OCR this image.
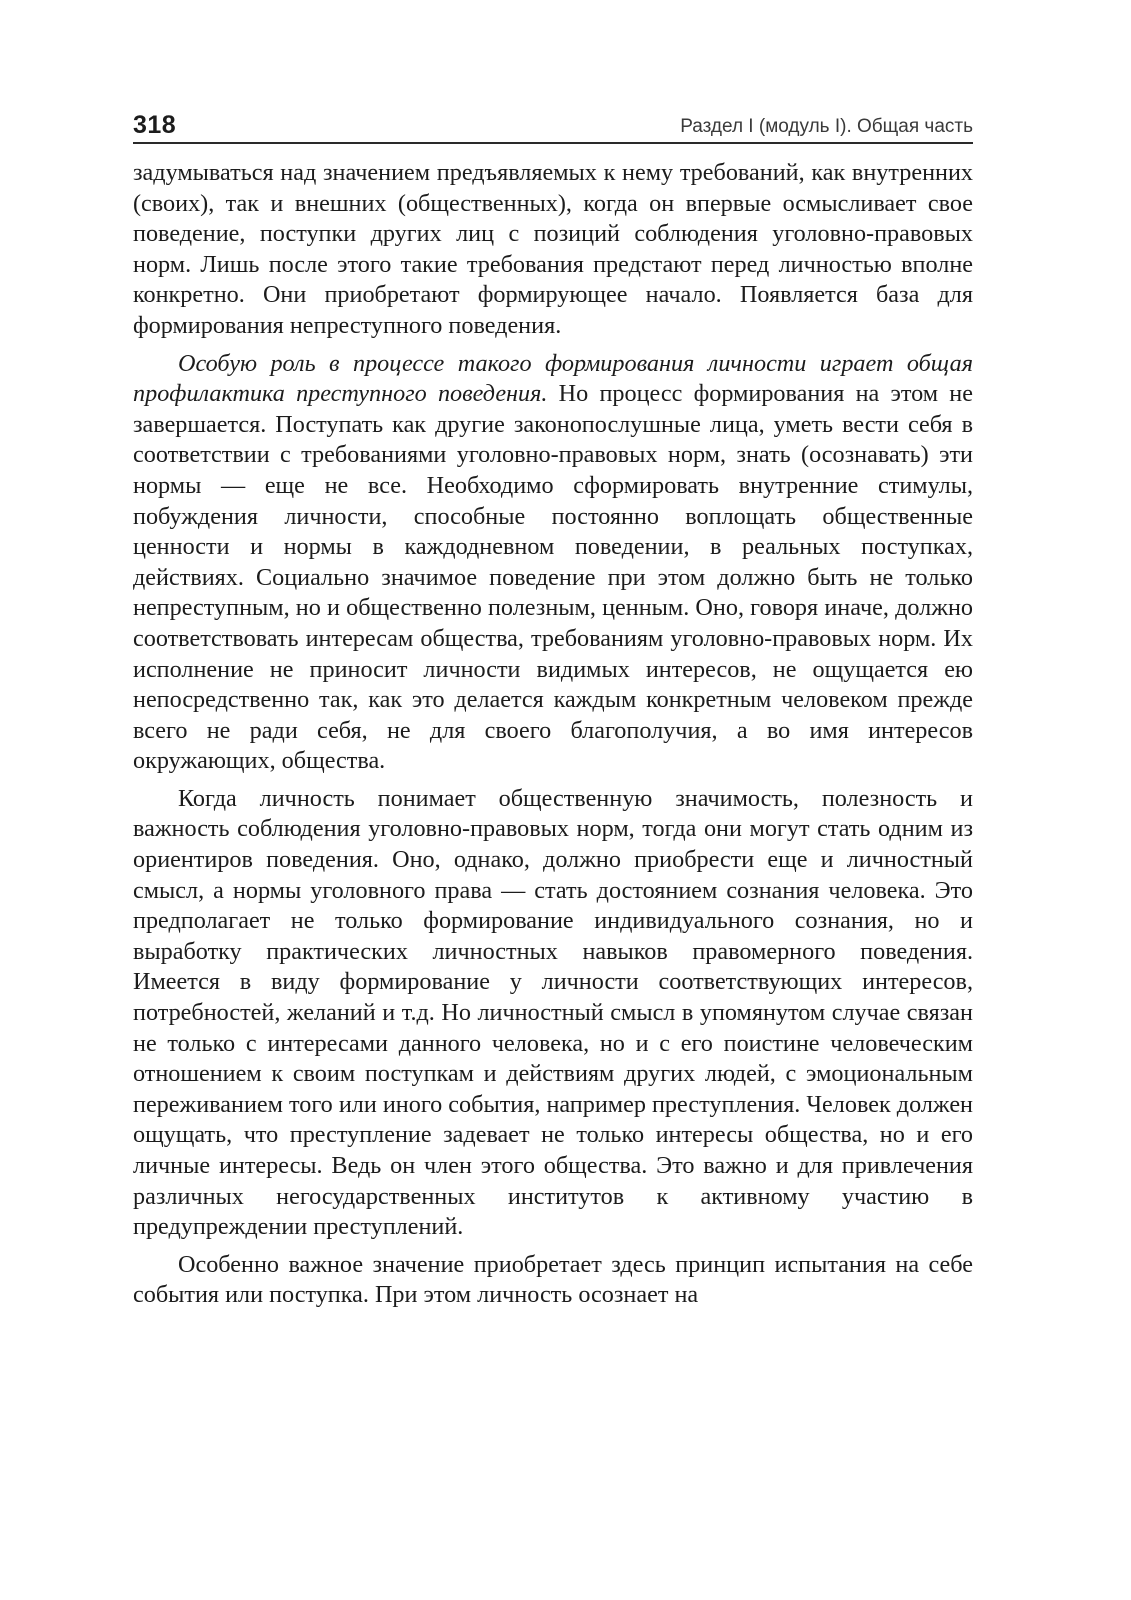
318	Раздел I (модуль I). Общая часть

задумываться над значением предъявляемых к нему требований, как внутренних (своих), так и внешних (общественных), когда он впервые осмысливает свое поведение, поступки других лиц с позиций соблюдения уголовно-правовых норм. Лишь после этого такие требования предстают перед личностью вполне конкретно. Они приобретают формирующее начало. Появляется база для формирования непреступного поведения.

Особую роль в процессе такого формирования личности играет общая профилактика преступного поведения. Но процесс формирования на этом не завершается. Поступать как другие законопослушные лица, уметь вести себя в соответствии с требованиями уголовно-правовых норм, знать (осознавать) эти нормы — еще не все. Необходимо сформировать внутренние стимулы, побуждения личности, способные постоянно воплощать общественные ценности и нормы в каждодневном поведении, в реальных поступках, действиях. Социально значимое поведение при этом должно быть не только непреступным, но и общественно полезным, ценным. Оно, говоря иначе, должно соответствовать интересам общества, требованиям уголовно-правовых норм. Их исполнение не приносит личности видимых интересов, не ощущается ею непосредственно так, как это делается каждым конкретным человеком прежде всего не ради себя, не для своего благополучия, а во имя интересов окружающих, общества.

Когда личность понимает общественную значимость, полезность и важность соблюдения уголовно-правовых норм, тогда они могут стать одним из ориентиров поведения. Оно, однако, должно приобрести еще и личностный смысл, а нормы уголовного права — стать достоянием сознания человека. Это предполагает не только формирование индивидуального сознания, но и выработку практических личностных навыков правомерного поведения. Имеется в виду формирование у личности соответствующих интересов, потребностей, желаний и т.д. Но личностный смысл в упомянутом случае связан не только с интересами данного человека, но и с его поистине человеческим отношением к своим поступкам и действиям других людей, с эмоциональным переживанием того или иного события, например преступления. Человек должен ощущать, что преступление задевает не только интересы общества, но и его личные интересы. Ведь он член этого общества. Это важно и для привлечения различных негосударственных институтов к активному участию в предупреждении преступлений.

Особенно важное значение приобретает здесь принцип испытания на себе события или поступка. При этом личность осознает на
